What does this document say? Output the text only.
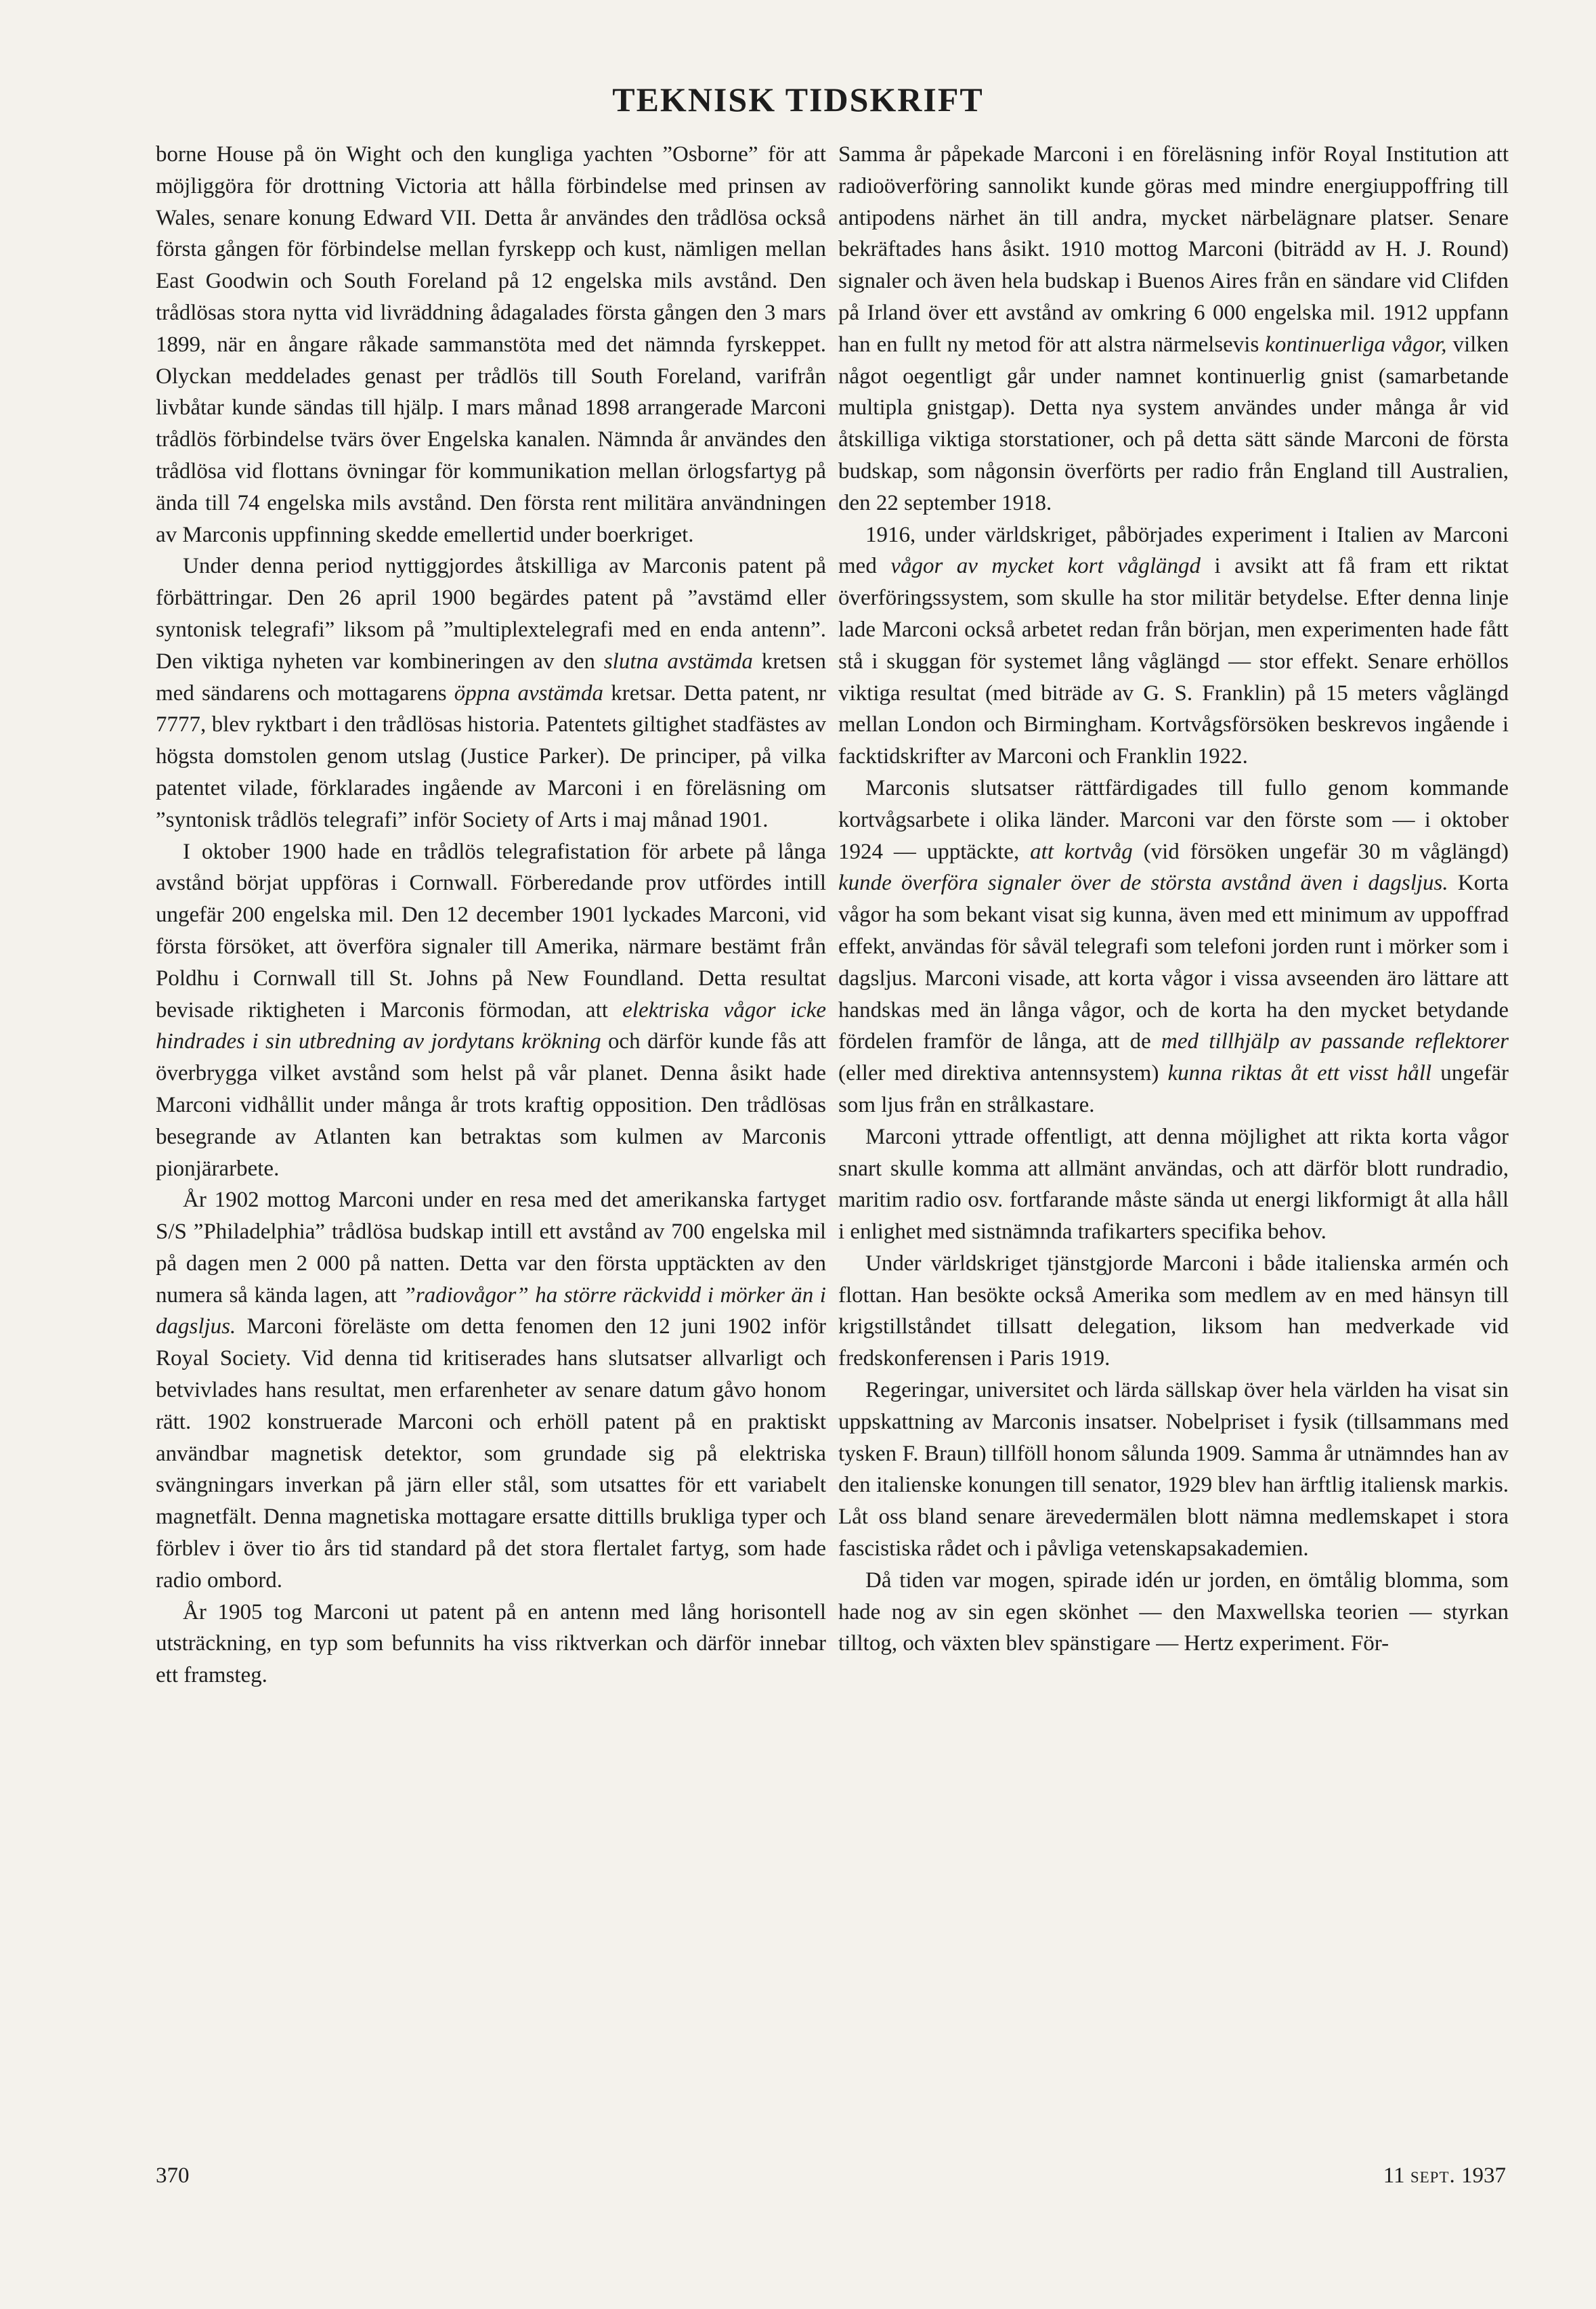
TEKNISK TIDSKRIFT

borne House på ön Wight och den kungliga yachten ”Osborne” för att möjliggöra för drottning Victoria att hålla förbindelse med prinsen av Wales, senare konung Edward VII. Detta år användes den trådlösa också första gången för förbindelse mellan fyrskepp och kust, nämligen mellan East Goodwin och South Foreland på 12 engelska mils avstånd. Den trådlösas stora nytta vid livräddning ådagalades första gången den 3 mars 1899, när en ångare råkade sammanstöta med det nämnda fyrskeppet. Olyckan meddelades genast per trådlös till South Foreland, varifrån livbåtar kunde sändas till hjälp. I mars månad 1898 arrangerade Marconi trådlös förbindelse tvärs över Engelska kanalen. Nämnda år användes den trådlösa vid flottans övningar för kommunikation mellan örlogsfartyg på ända till 74 engelska mils avstånd. Den första rent militära användningen av Marconis uppfinning skedde emellertid under boerkriget.

Under denna period nyttiggjordes åtskilliga av Marconis patent på förbättringar. Den 26 april 1900 begärdes patent på ”avstämd eller syntonisk telegrafi” liksom på ”multiplextelegrafi med en enda antenn”. Den viktiga nyheten var kombineringen av den slutna avstämda kretsen med sändarens och mottagarens öppna avstämda kretsar. Detta patent, nr 7777, blev ryktbart i den trådlösas historia. Patentets giltighet stadfästes av högsta domstolen genom utslag (Justice Parker). De principer, på vilka patentet vilade, förklarades ingående av Marconi i en föreläsning om ”syntonisk trådlös telegrafi” inför Society of Arts i maj månad 1901.

I oktober 1900 hade en trådlös telegrafistation för arbete på långa avstånd börjat uppföras i Cornwall. Förberedande prov utfördes intill ungefär 200 engelska mil. Den 12 december 1901 lyckades Marconi, vid första försöket, att överföra signaler till Amerika, närmare bestämt från Poldhu i Cornwall till St. Johns på New Foundland. Detta resultat bevisade riktigheten i Marconis förmodan, att elektriska vågor icke hindrades i sin utbredning av jordytans krökning och därför kunde fås att överbrygga vilket avstånd som helst på vår planet. Denna åsikt hade Marconi vidhållit under många år trots kraftig opposition. Den trådlösas besegrande av Atlanten kan betraktas som kulmen av Marconis pionjärarbete.

År 1902 mottog Marconi under en resa med det amerikanska fartyget S/S ”Philadelphia” trådlösa budskap intill ett avstånd av 700 engelska mil på dagen men 2 000 på natten. Detta var den första upptäckten av den numera så kända lagen, att ”radiovågor” ha större räckvidd i mörker än i dagsljus. Marconi föreläste om detta fenomen den 12 juni 1902 inför Royal Society. Vid denna tid kritiserades hans slutsatser allvarligt och betvivlades hans resultat, men erfarenheter av senare datum gåvo honom rätt. 1902 konstruerade Marconi och erhöll patent på en praktiskt användbar magnetisk detektor, som grundade sig på elektriska svängningars inverkan på järn eller stål, som utsattes för ett variabelt magnetfält. Denna magnetiska mottagare ersatte dittills brukliga typer och förblev i över tio års tid standard på det stora flertalet fartyg, som hade radio ombord.

År 1905 tog Marconi ut patent på en antenn med lång horisontell utsträckning, en typ som befunnits ha viss riktverkan och därför innebar ett framsteg.

Samma år påpekade Marconi i en föreläsning inför Royal Institution att radioöverföring sannolikt kunde göras med mindre energiuppoffring till antipodens närhet än till andra, mycket närbelägnare platser. Senare bekräftades hans åsikt. 1910 mottog Marconi (biträdd av H. J. Round) signaler och även hela budskap i Buenos Aires från en sändare vid Clifden på Irland över ett avstånd av omkring 6 000 engelska mil. 1912 uppfann han en fullt ny metod för att alstra närmelsevis kontinuerliga vågor, vilken något oegentligt går under namnet kontinuerlig gnist (samarbetande multipla gnistgap). Detta nya system användes under många år vid åtskilliga viktiga storstationer, och på detta sätt sände Marconi de första budskap, som någonsin överförts per radio från England till Australien, den 22 september 1918.

1916, under världskriget, påbörjades experiment i Italien av Marconi med vågor av mycket kort våglängd i avsikt att få fram ett riktat överföringssystem, som skulle ha stor militär betydelse. Efter denna linje lade Marconi också arbetet redan från början, men experimenten hade fått stå i skuggan för systemet lång våglängd — stor effekt. Senare erhöllos viktiga resultat (med biträde av G. S. Franklin) på 15 meters våglängd mellan London och Birmingham. Kortvågsförsöken beskrevos ingående i facktidskrifter av Marconi och Franklin 1922.

Marconis slutsatser rättfärdigades till fullo genom kommande kortvågsarbete i olika länder. Marconi var den förste som — i oktober 1924 — upptäckte, att kortvåg (vid försöken ungefär 30 m våglängd) kunde överföra signaler över de största avstånd även i dagsljus. Korta vågor ha som bekant visat sig kunna, även med ett minimum av uppoffrad effekt, användas för såväl telegrafi som telefoni jorden runt i mörker som i dagsljus. Marconi visade, att korta vågor i vissa avseenden äro lättare att handskas med än långa vågor, och de korta ha den mycket betydande fördelen framför de långa, att de med tillhjälp av passande reflektorer (eller med direktiva antennsystem) kunna riktas åt ett visst håll ungefär som ljus från en strålkastare.

Marconi yttrade offentligt, att denna möjlighet att rikta korta vågor snart skulle komma att allmänt användas, och att därför blott rundradio, maritim radio osv. fortfarande måste sända ut energi likformigt åt alla håll i enlighet med sistnämnda trafikarters specifika behov.

Under världskriget tjänstgjorde Marconi i både italienska armén och flottan. Han besökte också Amerika som medlem av en med hänsyn till krigstillståndet tillsatt delegation, liksom han medverkade vid fredskonferensen i Paris 1919.

Regeringar, universitet och lärda sällskap över hela världen ha visat sin uppskattning av Marconis insatser. Nobelpriset i fysik (tillsammans med tysken F. Braun) tillföll honom sålunda 1909. Samma år utnämndes han av den italienske konungen till senator, 1929 blev han ärftlig italiensk markis. Låt oss bland senare ärevedermälen blott nämna medlemskapet i stora fascistiska rådet och i påvliga vetenskapsakademien.

Då tiden var mogen, spirade idén ur jorden, en ömtålig blomma, som hade nog av sin egen skönhet — den Maxwellska teorien — styrkan tilltog, och växten blev spänstigare — Hertz experiment. För-

370	11 sept. 1937
